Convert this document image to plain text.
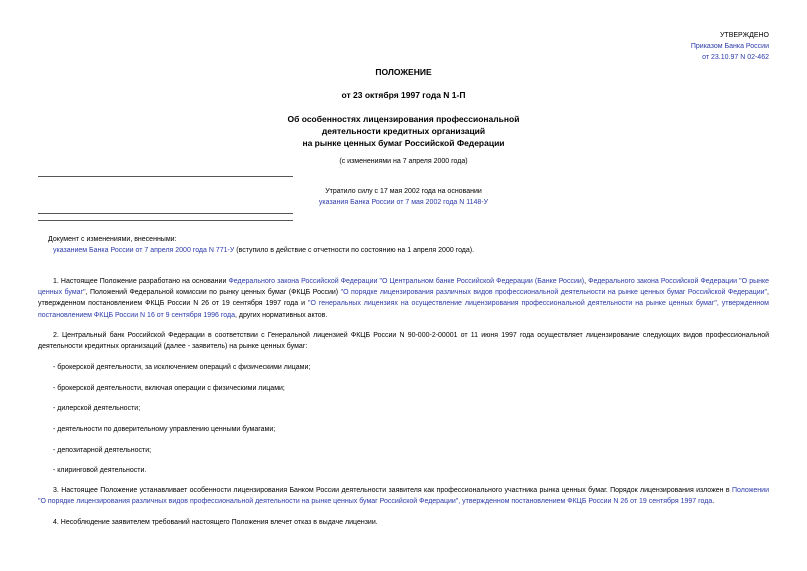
УТВЕРЖДЕНО
Приказом Банка России
от 23.10.97 N 02-462
ПОЛОЖЕНИЕ
от 23 октября 1997 года N 1-П
Об особенностях лицензирования профессиональной
деятельности кредитных организаций
на рынке ценных бумаг Российской Федерации
(с изменениями на 7 апреля 2000 года)
Утратило силу с 17 мая 2002 года на основании
указания Банка России от 7 мая 2002 года N 1148-У
Документ с изменениями, внесенными:
указанием Банка России от 7 апреля 2000 года N 771-У (вступило в действие с отчетности по состоянию на 1 апреля 2000 года).

1. Настоящее Положение разработано на основании Федерального закона Российской Федерации "О Центральном банке Российской Федерации (Банке России), Федерального закона Российской Федерации "О рынке ценных бумаг", Положений Федеральной комиссии по рынку ценных бумаг (ФКЦБ России) "О порядке лицензирования различных видов профессиональной деятельности на рынке ценных бумаг Российской Федерации", утвержденном постановлением ФКЦБ России N 26 от 19 сентября 1997 года и "О генеральных лицензиях на осуществление лицензирования профессиональной деятельности на рынке ценных бумаг", утвержденном постановлением ФКЦБ России N 16 от 9 сентября 1996 года, других нормативных актов.

2. Центральный банк Российской Федерации в соответствии с Генеральной лицензией ФКЦБ России N 90-000-2-00001 от 11 июня 1997 года осуществляет лицензирование следующих видов профессиональной деятельности кредитных организаций (далее - заявитель) на рынке ценных бумаг:

- брокерской деятельности, за исключением операций с физическими лицами;
- брокерской деятельности, включая операции с физическими лицами;
- дилерской деятельности;
- деятельности по доверительному управлению ценными бумагами;
- депозитарной деятельности;
- клиринговой деятельности.

3. Настоящее Положение устанавливает особенности лицензирования Банком России деятельности заявителя как профессионального участника рынка ценных бумаг. Порядок лицензирования изложен в Положении "О порядке лицензирования различных видов профессиональной деятельности на рынке ценных бумаг Российской Федерации", утвержденном постановлением ФКЦБ России N 26 от 19 сентября 1997 года.

4. Несоблюдение заявителем требований настоящего Положения влечет отказ в выдаче лицензии.
